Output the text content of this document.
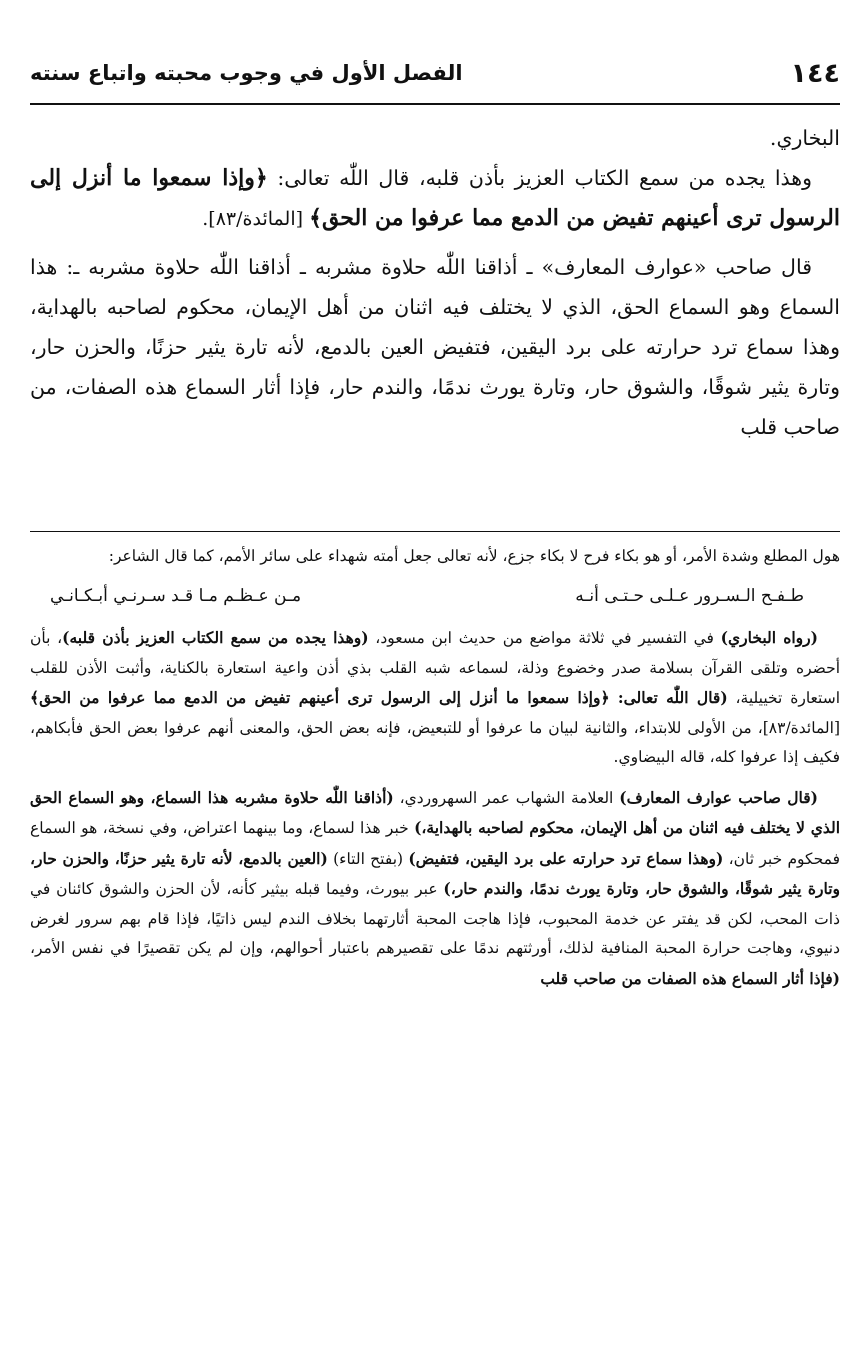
١٤٤
الفصل الأول في وجوب محبته واتباع سنته

البخاري.

وهذا يجده من سمع الكتاب العزيز بأذن قلبه، قال اللّٰه تعالى: ﴿وإذا سمعوا ما أنزل إلى الرسول ترى أعينهم تفيض من الدمع مما عرفوا من الحق﴾ [المائدة/٨٣].

قال صاحب «عوارف المعارف» ـ أذاقنا اللّٰه حلاوة مشربه ـ أذاقنا اللّٰه حلاوة مشربه ـ: هذا السماع وهو السماع الحق، الذي لا يختلف فيه اثنان من أهل الإيمان، محكوم لصاحبه بالهداية، وهذا سماع ترد حرارته على برد اليقين، فتفيض العين بالدمع، لأنه تارة يثير حزنًا، والحزن حار، وتارة يثير شوقًا، والشوق حار، وتارة يورث ندمًا، والندم حار، فإذا أثار السماع هذه الصفات، من صاحب قلب

هول المطلع وشدة الأمر، أو هو بكاء فرح لا بكاء جزع، لأنه تعالى جعل أمته شهداء على سائر الأمم، كما قال الشاعر:

طـفـح الـسـرور عـلـى حـتـى أنـه
مـن عـظـم مـا قـد سـرنـي أبـكـانـي

(رواه البخاري) في التفسير في ثلاثة مواضع من حديث ابن مسعود، (وهذا يجده من سمع الكتاب العزيز بأذن قلبه)، بأن أحضره وتلقى القرآن بسلامة صدر وخضوع وذلة، لسماعه شبه القلب بذي أذن واعية استعارة بالكناية، وأثبت الأذن للقلب استعارة تخييلية، (قال اللّٰه تعالى: ﴿وإذا سمعوا ما أنزل إلى الرسول ترى أعينهم تفيض من الدمع مما عرفوا من الحق﴾ [المائدة/٨٣]، من الأولى للابتداء، والثانية لبيان ما عرفوا أو للتبعيض، فإنه بعض الحق، والمعنى أنهم عرفوا بعض الحق فأبكاهم، فكيف إذا عرفوا كله، قاله البيضاوي.

(قال صاحب عوارف المعارف) العلامة الشهاب عمر السهروردي، (أذاقنا اللّٰه حلاوة مشربه هذا السماع، وهو السماع الحق الذي لا يختلف فيه اثنان من أهل الإيمان، محكوم لصاحبه بالهداية،) خبر هذا لسماع، وما بينهما اعتراض، وفي نسخة، هو السماع فمحكوم خبر ثان، (وهذا سماع ترد حرارته على برد اليقين، فتفيض) (بفتح التاء) (العين بالدمع، لأنه تارة يثير حزنًا، والحزن حار، وتارة يثير شوقًا، والشوق حار، وتارة يورث ندمًا، والندم حار،) عبر بيورث، وفيما قبله بيثير كأنه، لأن الحزن والشوق كائنان في ذات المحب، لكن قد يفتر عن خدمة المحبوب، فإذا هاجت المحبة أثارتهما بخلاف الندم ليس ذاتيًا، فإذا قام بهم سرور لغرض دنيوي، وهاجت حرارة المحبة المنافية لذلك، أورثتهم ندمًا على تقصيرهم باعتبار أحوالهم، وإن لم يكن تقصيرًا في نفس الأمر، (فإذا أثار السماع هذه الصفات من صاحب قلب
